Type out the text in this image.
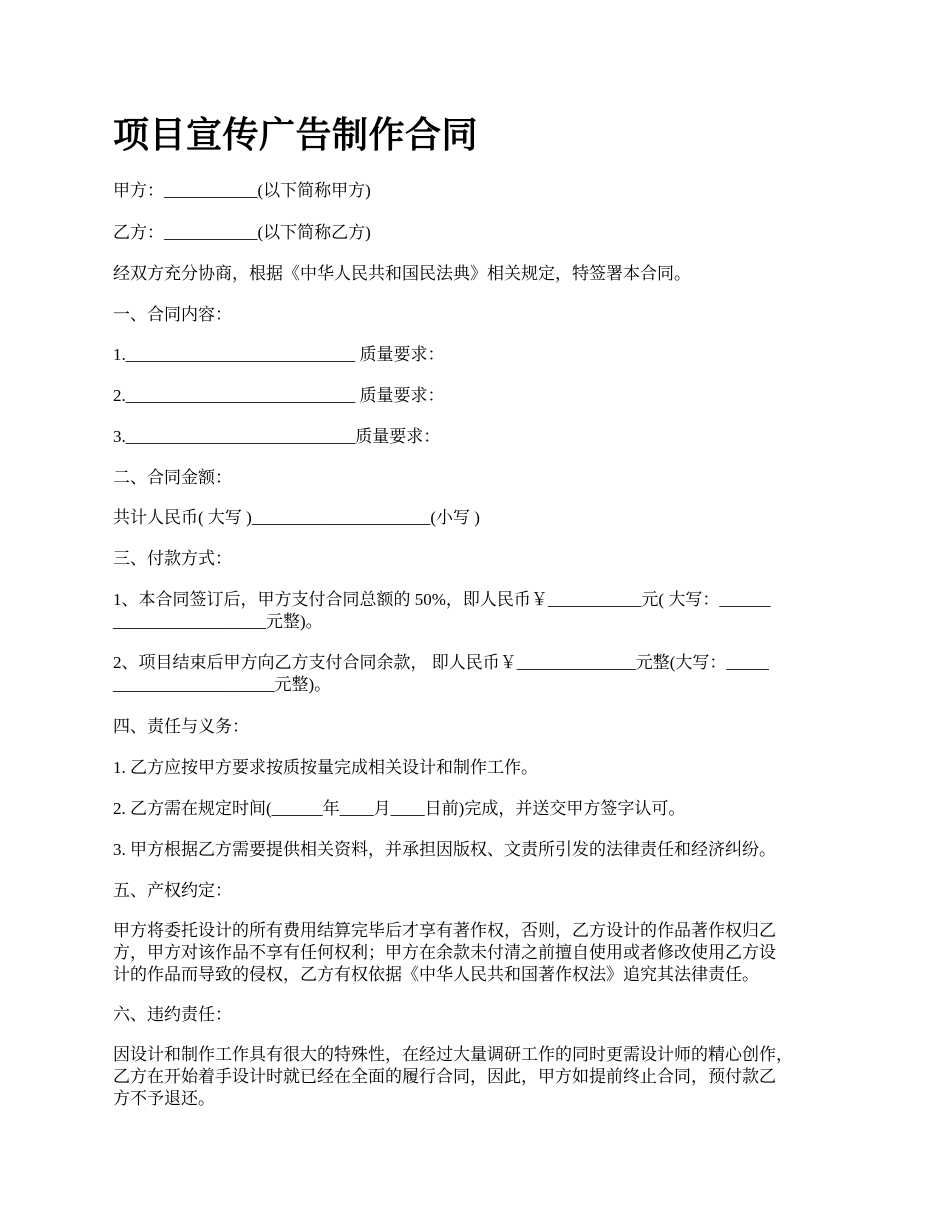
项目宣传广告制作合同

甲方：___________(以下简称甲方)

乙方：___________(以下简称乙方)

经双方充分协商，根据《中华人民共和国民法典》相关规定，特签署本合同。

一、合同内容：

1.___________________________ 质量要求：

2.___________________________ 质量要求：

3.___________________________质量要求：

二、合同金额：

共计人民币( 大写 )_____________________(小写 )

三、付款方式：

1、本合同签订后，甲方支付合同总额的 50%，即人民币￥___________元( 大写：______
__________________元整)。

2、项目结束后甲方向乙方支付合同余款， 即人民币￥______________元整(大写：_____
___________________元整)。

四、责任与义务：

1. 乙方应按甲方要求按质按量完成相关设计和制作工作。

2. 乙方需在规定时间(______年____月____日前)完成，并送交甲方签字认可。

3. 甲方根据乙方需要提供相关资料，并承担因版权、文责所引发的法律责任和经济纠纷。

五、产权约定：

甲方将委托设计的所有费用结算完毕后才享有著作权，否则，乙方设计的作品著作权归乙
方，甲方对该作品不享有任何权利；甲方在余款未付清之前擅自使用或者修改使用乙方设
计的作品而导致的侵权，乙方有权依据《中华人民共和国著作权法》追究其法律责任。

六、违约责任：

因设计和制作工作具有很大的特殊性，在经过大量调研工作的同时更需设计师的精心创作，
乙方在开始着手设计时就已经在全面的履行合同，因此，甲方如提前终止合同，预付款乙
方不予退还。
